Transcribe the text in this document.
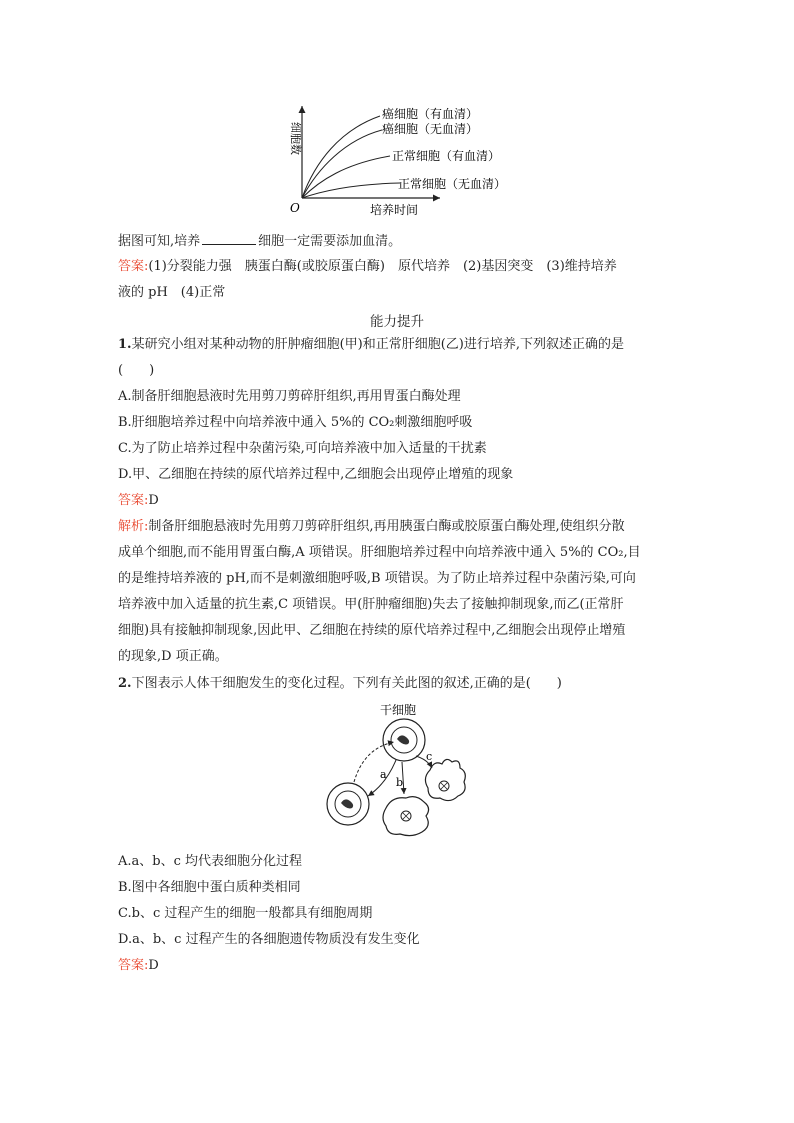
细胞数
培养时间
O
癌细胞（有血清）
癌细胞（无血清）
正常细胞（有血清）
正常细胞（无血清）
据图可知,培养	细胞一定需要添加血清。
答案:(1)分裂能力强　胰蛋白酶(或胶原蛋白酶)　原代培养　(2)基因突变　(3)维持培养
液的 pH　(4)正常
能力提升
1.某研究小组对某种动物的肝肿瘤细胞(甲)和正常肝细胞(乙)进行培养,下列叙述正确的是
(　　)
A.制备肝细胞悬液时先用剪刀剪碎肝组织,再用胃蛋白酶处理
B.肝细胞培养过程中向培养液中通入 5%的 CO₂刺激细胞呼吸
C.为了防止培养过程中杂菌污染,可向培养液中加入适量的干扰素
D.甲、乙细胞在持续的原代培养过程中,乙细胞会出现停止增殖的现象
答案:D
解析:制备肝细胞悬液时先用剪刀剪碎肝组织,再用胰蛋白酶或胶原蛋白酶处理,使组织分散
成单个细胞,而不能用胃蛋白酶,A 项错误。肝细胞培养过程中向培养液中通入 5%的 CO₂,目
的是维持培养液的 pH,而不是刺激细胞呼吸,B 项错误。为了防止培养过程中杂菌污染,可向
培养液中加入适量的抗生素,C 项错误。甲(肝肿瘤细胞)失去了接触抑制现象,而乙(正常肝
细胞)具有接触抑制现象,因此甲、乙细胞在持续的原代培养过程中,乙细胞会出现停止增殖
的现象,D 项正确。
2.下图表示人体干细胞发生的变化过程。下列有关此图的叙述,正确的是(　　)
干细胞
a
b
c
A.a、b、c 均代表细胞分化过程
B.图中各细胞中蛋白质种类相同
C.b、c 过程产生的细胞一般都具有细胞周期
D.a、b、c 过程产生的各细胞遗传物质没有发生变化
答案:D
